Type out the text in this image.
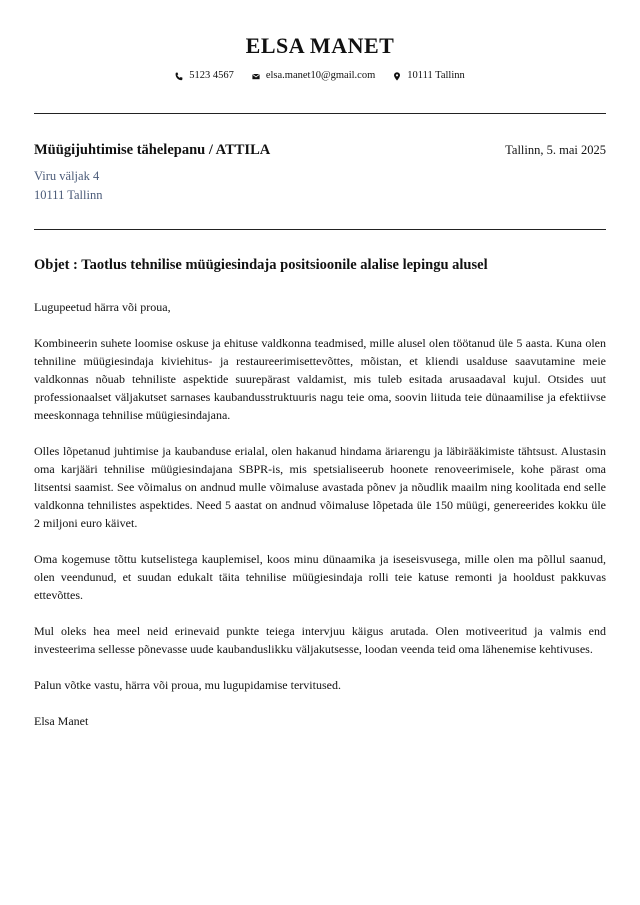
ELSA MANET
5123 4567	elsa.manet10@gmail.com	10111 Tallinn
Müügijuhtimise tähelepanu / ATTILA
Viru väljak 4
10111 Tallinn
Tallinn, 5. mai 2025
Objet : Taotlus tehnilise müügiesindaja positsioonile alalise lepingu alusel

Lugupeetud härra või proua,

Kombineerin suhete loomise oskuse ja ehituse valdkonna teadmised, mille alusel olen töötanud üle 5 aasta. Kuna olen tehniline müügiesindaja kiviehitus- ja restaureerimisettevõttes, mõistan, et kliendi usalduse saavutamine meie valdkonnas nõuab tehniliste aspektide suurepärast valdamist, mis tuleb esitada arusaadaval kujul. Otsides uut professionaalset väljakutset sarnases kaubandusstruktuuris nagu teie oma, soovin liituda teie dünaamilise ja efektiivse meeskonnaga tehnilise müügiesindajana.

Olles lõpetanud juhtimise ja kaubanduse erialal, olen hakanud hindama äriarengu ja läbirääkimiste tähtsust. Alustasin oma karjääri tehnilise müügiesindajana SBPR-is, mis spetsialiseerub hoonete renoveerimisele, kohe pärast oma litsentsi saamist. See võimalus on andnud mulle võimaluse avastada põnev ja nõudlik maailm ning koolitada end selle valdkonna tehnilistes aspektides. Need 5 aastat on andnud võimaluse lõpetada üle 150 müügi, genereerides kokku üle 2 miljoni euro käivet.

Oma kogemuse tõttu kutselistega kauplemisel, koos minu dünaamika ja iseseisvusega, mille olen ma põllul saanud, olen veendunud, et suudan edukalt täita tehnilise müügiesindaja rolli teie katuse remonti ja hooldust pakkuvas ettevõttes.

Mul oleks hea meel neid erinevaid punkte teiega intervjuu käigus arutada. Olen motiveeritud ja valmis end investeerima sellesse põnevasse uude kaubanduslikku väljakutsesse, loodan veenda teid oma lähenemise kehtivuses.

Palun võtke vastu, härra või proua, mu lugupidamise tervitused.

Elsa Manet
